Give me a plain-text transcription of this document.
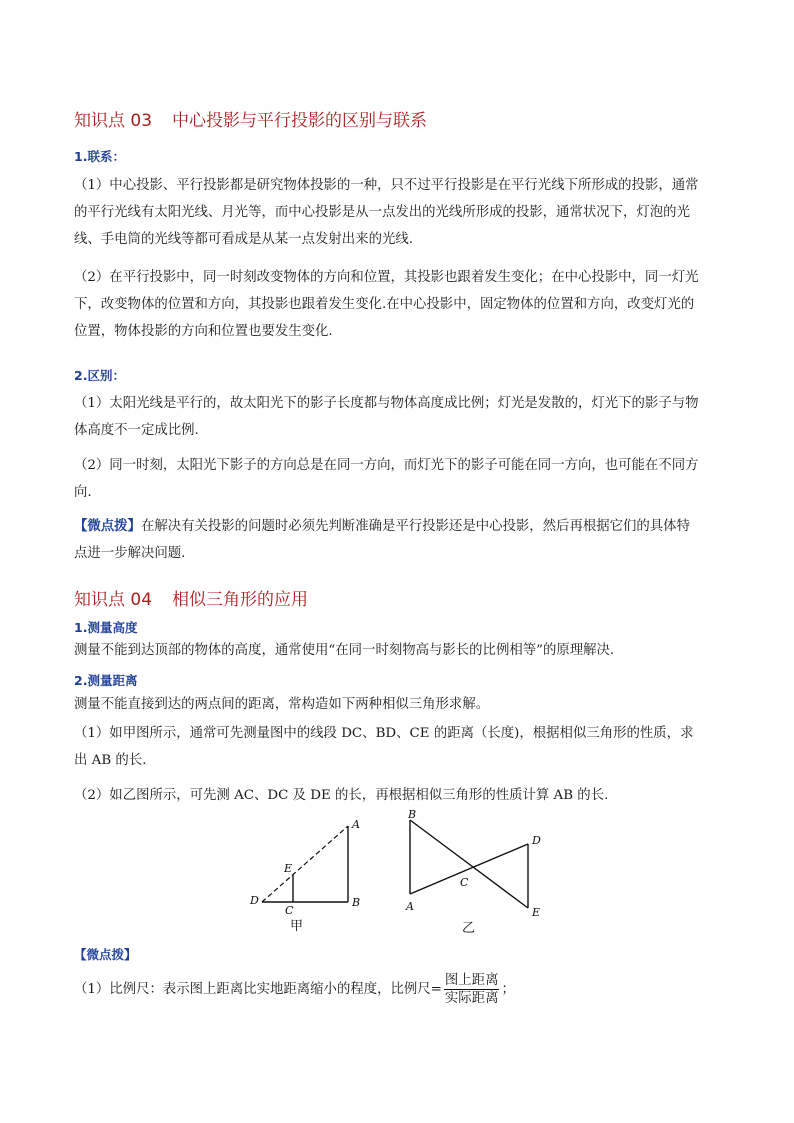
知识点 03 中心投影与平行投影的区别与联系
1.联系：
（1）中心投影、平行投影都是研究物体投影的一种，只不过平行投影是在平行光线下所形成的投影，通常
的平行光线有太阳光线、月光等，而中心投影是从一点发出的光线所形成的投影，通常状况下，灯泡的光
线、手电筒的光线等都可看成是从某一点发射出来的光线.
（2）在平行投影中，同一时刻改变物体的方向和位置，其投影也跟着发生变化；在中心投影中，同一灯光
下，改变物体的位置和方向，其投影也跟着发生变化.在中心投影中，固定物体的位置和方向，改变灯光的
位置，物体投影的方向和位置也要发生变化.
2.区别：
（1）太阳光线是平行的，故太阳光下的影子长度都与物体高度成比例；灯光是发散的，灯光下的影子与物
体高度不一定成比例.
（2）同一时刻，太阳光下影子的方向总是在同一方向，而灯光下的影子可能在同一方向，也可能在不同方
向.
【微点拨】在解决有关投影的问题时必须先判断准确是平行投影还是中心投影，然后再根据它们的具体特
点进一步解决问题.
知识点 04 相似三角形的应用
1.测量高度
测量不能到达顶部的物体的高度，通常使用“在同一时刻物高与影长的比例相等”的原理解决.
2.测量距离
测量不能直接到达的两点间的距离，常构造如下两种相似三角形求解。
（1）如甲图所示，通常可先测量图中的线段 DC、BD、CE 的距离（长度)，根据相似三角形的性质，求
出 AB 的长.
（2）如乙图所示，可先测 AC、DC 及 DE 的长，再根据相似三角形的性质计算 AB 的长.
A
B
C
D
E
甲
B
A
C
D
E
乙
【微点拨】
（1）比例尺：表示图上距离比实地距离缩小的程度，比例尺= $\frac{\text{图上距离}}{\text{实际距离}}$ ；
